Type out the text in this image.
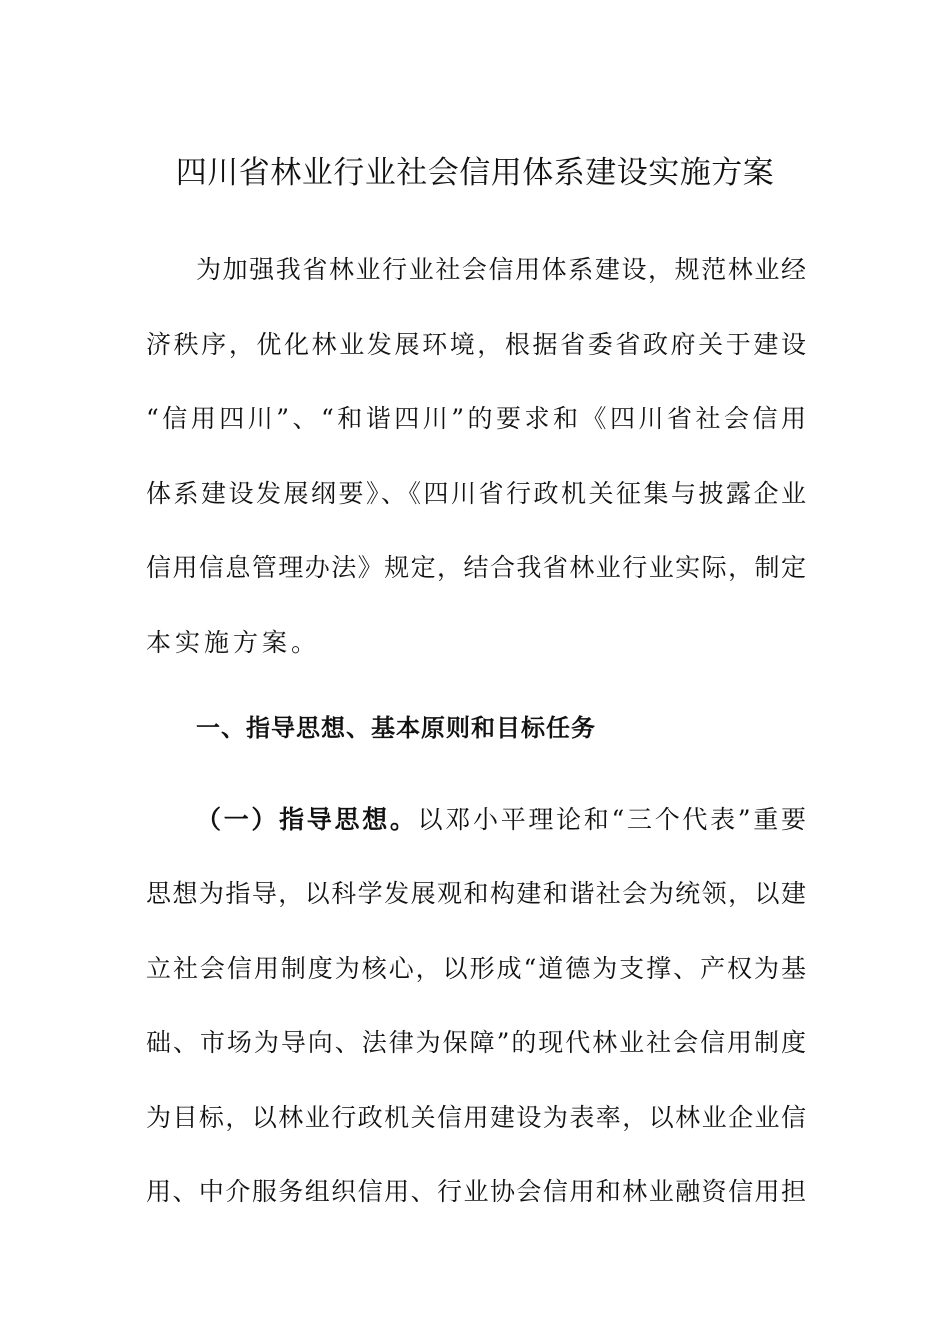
四川省林业行业社会信用体系建设实施方案
为加强我省林业行业社会信用体系建设，规范林业经
济秩序，优化林业发展环境，根据省委省政府关于建设
“信用四川”、“和谐四川”的要求和《四川省社会信用
体系建设发展纲要》、《四川省行政机关征集与披露企业
信用信息管理办法》规定，结合我省林业行业实际，制定
本实施方案。
一、指导思想、基本原则和目标任务
（一）指导思想。以邓小平理论和“三个代表”重要
思想为指导，以科学发展观和构建和谐社会为统领，以建
立社会信用制度为核心，以形成“道德为支撑、产权为基
础、市场为导向、法律为保障”的现代林业社会信用制度
为目标，以林业行政机关信用建设为表率，以林业企业信
用、中介服务组织信用、行业协会信用和林业融资信用担
